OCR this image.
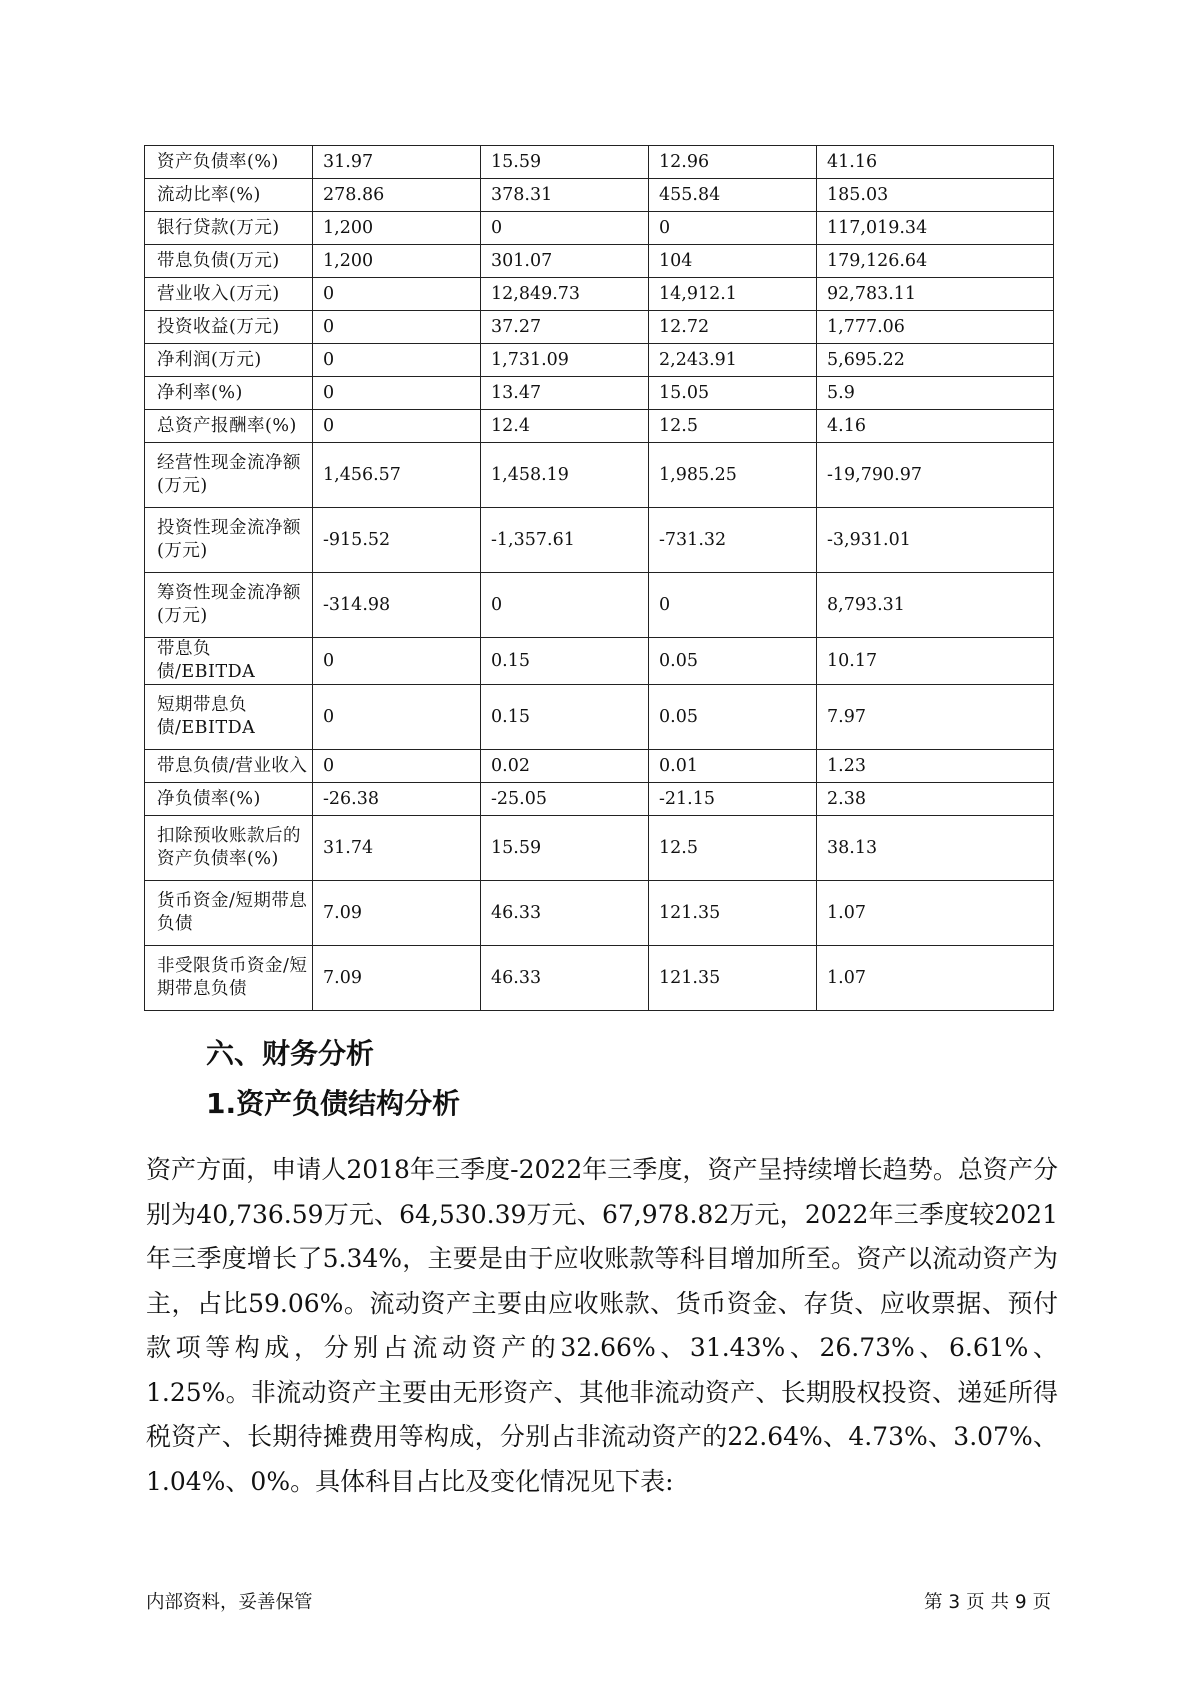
资产负债率(%)	31.97	15.59	12.96	41.16
流动比率(%)	278.86	378.31	455.84	185.03
银行贷款(万元)	1,200	0	0	117,019.34
带息负债(万元)	1,200	301.07	104	179,126.64
营业收入(万元)	0	12,849.73	14,912.1	92,783.11
投资收益(万元)	0	37.27	12.72	1,777.06
净利润(万元)	0	1,731.09	2,243.91	5,695.22
净利率(%)	0	13.47	15.05	5.9
总资产报酬率(%)	0	12.4	12.5	4.16
经营性现金流净额(万元)	1,456.57	1,458.19	1,985.25	-19,790.97
投资性现金流净额(万元)	-915.52	-1,357.61	-731.32	-3,931.01
筹资性现金流净额(万元)	-314.98	0	0	8,793.31
带息负债/EBITDA	0	0.15	0.05	10.17
短期带息负债/EBITDA	0	0.15	0.05	7.97
带息负债/营业收入	0	0.02	0.01	1.23
净负债率(%)	-26.38	-25.05	-21.15	2.38
扣除预收账款后的资产负债率(%)	31.74	15.59	12.5	38.13
货币资金/短期带息负债	7.09	46.33	121.35	1.07
非受限货币资金/短期带息负债	7.09	46.33	121.35	1.07
六、财务分析
1.资产负债结构分析

资产方面，申请人2018年三季度-2022年三季度，资产呈持续增长趋势。总资产分别为40,736.59万元、64,530.39万元、67,978.82万元，2022年三季度较2021年三季度增长了5.34%，主要是由于应收账款等科目增加所至。资产以流动资产为主，占比59.06%。流动资产主要由应收账款、货币资金、存货、应收票据、预付款项等构成，分别占流动资产的32.66%、31.43%、26.73%、6.61%、1.25%。非流动资产主要由无形资产、其他非流动资产、长期股权投资、递延所得税资产、长期待摊费用等构成，分别占非流动资产的22.64%、4.73%、3.07%、1.04%、0%。具体科目占比及变化情况见下表:

内部资料，妥善保管	第 3 页 共 9 页
